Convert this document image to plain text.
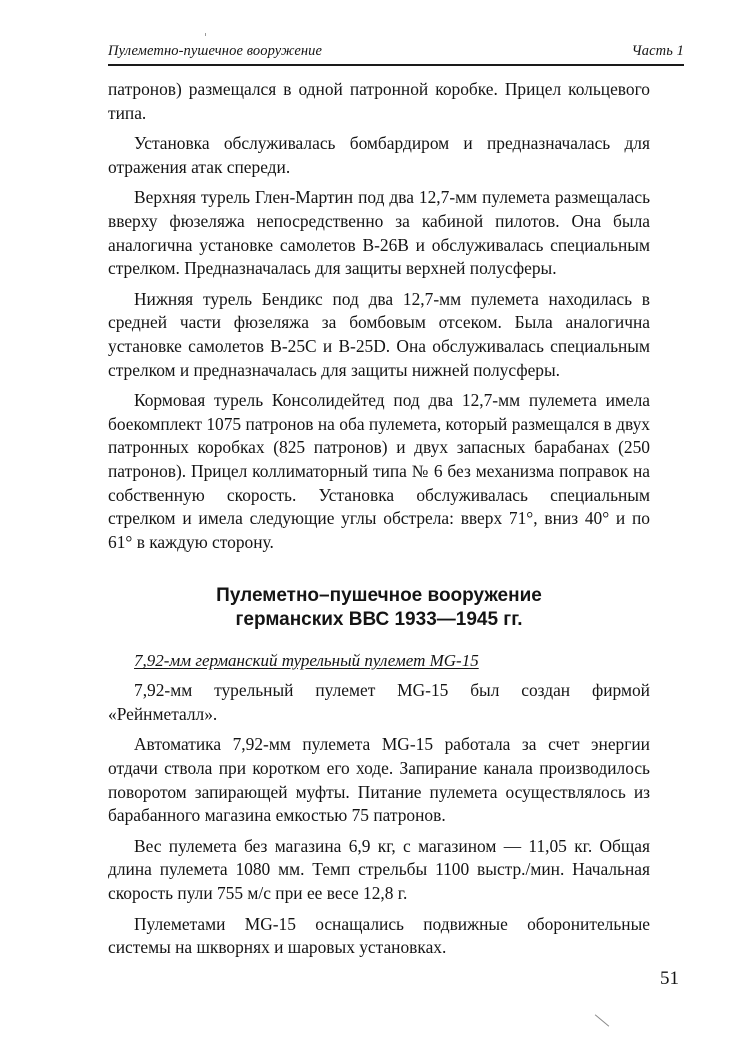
Пулеметно-пушечное вооружение	Часть 1

патронов) размещался в одной патронной коробке. Прицел кольцевого типа.

Установка обслуживалась бомбардиром и предназначалась для отражения атак спереди.

Верхняя турель Глен-Мартин под два 12,7-мм пулемета размещалась вверху фюзеляжа непосредственно за кабиной пилотов. Она была аналогична установке самолетов B-26B и обслуживалась специальным стрелком. Предназначалась для защиты верхней полусферы.

Нижняя турель Бендикс под два 12,7-мм пулемета находилась в средней части фюзеляжа за бомбовым отсеком. Была аналогична установке самолетов B-25C и B-25D. Она обслуживалась специальным стрелком и предназначалась для защиты нижней полусферы.

Кормовая турель Консолидейтед под два 12,7-мм пулемета имела боекомплект 1075 патронов на оба пулемета, который размещался в двух патронных коробках (825 патронов) и двух запасных барабанах (250 патронов). Прицел коллиматорный типа № 6 без механизма поправок на собственную скорость. Установка обслуживалась специальным стрелком и имела следующие углы обстрела: вверх 71°, вниз 40° и по 61° в каждую сторону.

Пулеметно–пушечное вооружение
германских ВВС 1933—1945 гг.

7,92-мм германский турельный пулемет MG-15

7,92-мм турельный пулемет MG-15 был создан фирмой «Рейнметалл».

Автоматика 7,92-мм пулемета MG-15 работала за счет энергии отдачи ствола при коротком его ходе. Запирание канала производилось поворотом запирающей муфты. Питание пулемета осуществлялось из барабанного магазина емкостью 75 патронов.

Вес пулемета без магазина 6,9 кг, с магазином — 11,05 кг. Общая длина пулемета 1080 мм. Темп стрельбы 1100 выстр./мин. Начальная скорость пули 755 м/с при ее весе 12,8 г.

Пулеметами MG-15 оснащались подвижные оборонительные системы на шкворнях и шаровых установках.

51
